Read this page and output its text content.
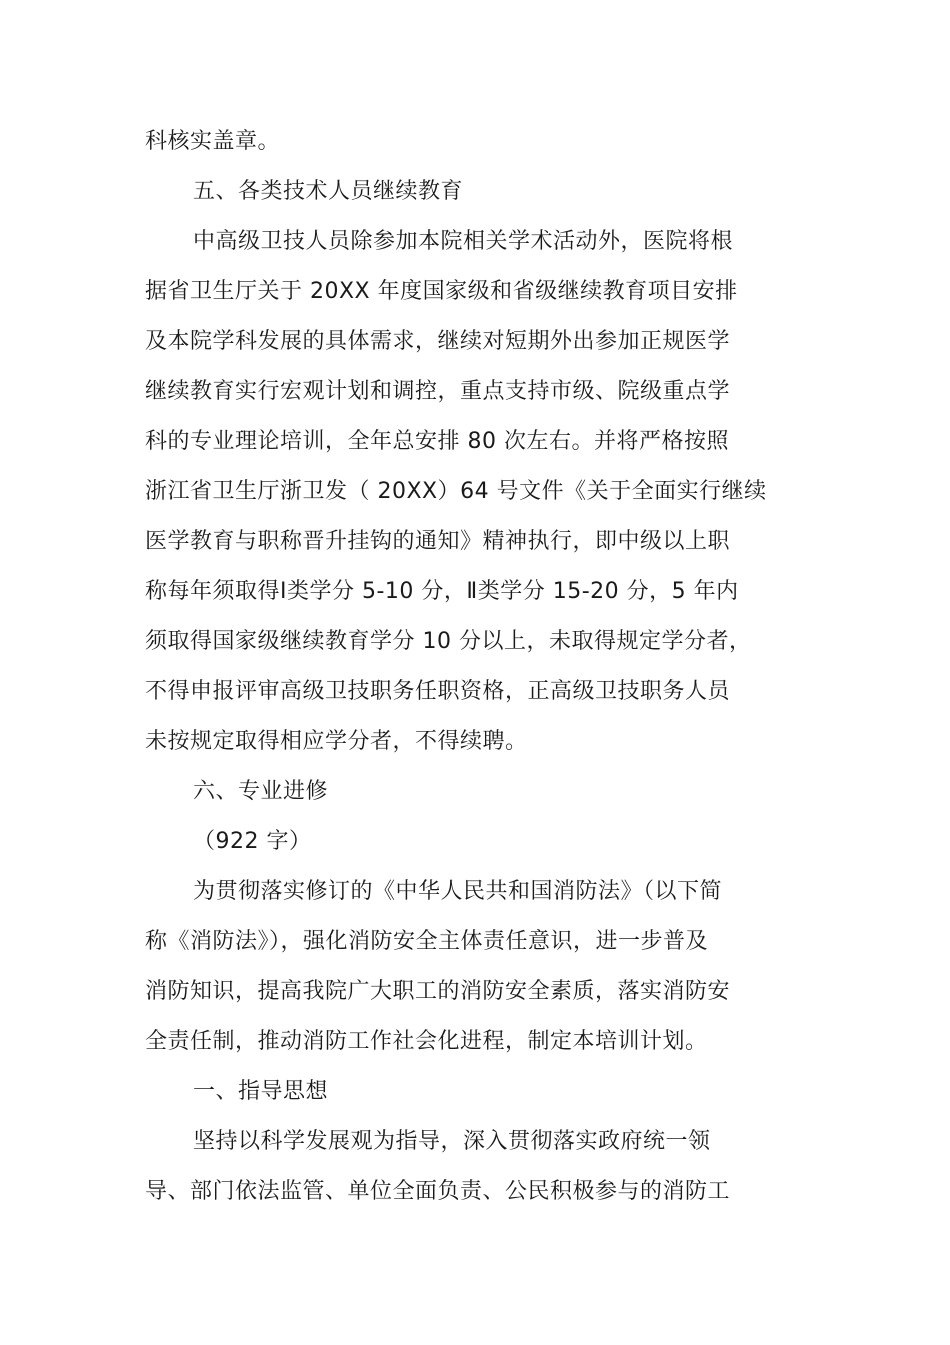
科核实盖章。
五、各类技术人员继续教育
中高级卫技人员除参加本院相关学术活动外，医院将根
据省卫生厅关于 20XX 年度国家级和省级继续教育项目安排
及本院学科发展的具体需求，继续对短期外出参加正规医学
继续教育实行宏观计划和调控，重点支持市级、院级重点学
科的专业理论培训，全年总安排 80 次左右。并将严格按照
浙江省卫生厅浙卫发（ 20XX）64 号文件《关于全面实行继续
医学教育与职称晋升挂钩的通知》精神执行，即中级以上职
称每年须取得Ⅰ类学分 5-10 分，Ⅱ类学分 15-20 分，5 年内
须取得国家级继续教育学分 10 分以上，未取得规定学分者，
不得申报评审高级卫技职务任职资格，正高级卫技职务人员
未按规定取得相应学分者，不得续聘。
六、专业进修
（922 字）
为贯彻落实修订的《中华人民共和国消防法》（以下简
称《消防法》），强化消防安全主体责任意识，进一步普及
消防知识，提高我院广大职工的消防安全素质，落实消防安
全责任制，推动消防工作社会化进程，制定本培训计划。
一、指导思想
坚持以科学发展观为指导，深入贯彻落实政府统一领
导、部门依法监管、单位全面负责、公民积极参与的消防工
